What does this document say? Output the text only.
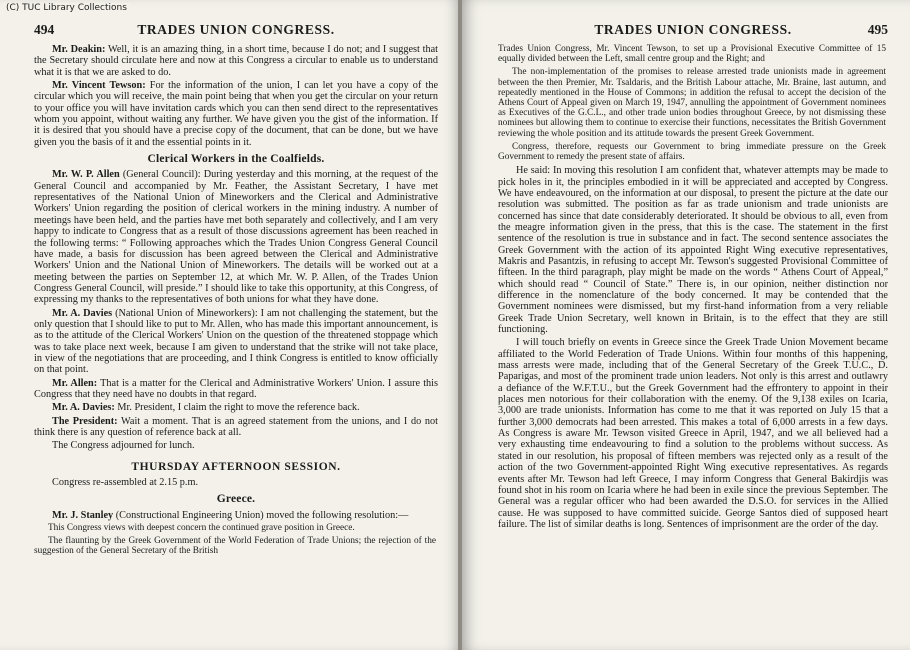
494	TRADES UNION CONGRESS.

Mr. Deakin: Well, it is an amazing thing, in a short time, because I do not; and I suggest that the Secretary should circulate here and now at this Congress a circular to enable us to understand what it is that we are asked to do.

Mr. Vincent Tewson: For the information of the union, I can let you have a copy of the circular which you will receive, the main point being that when you get the circular on your return to your office you will have invitation cards which you can then send direct to the representatives whom you appoint, without waiting any further. We have given you the gist of the information. If it is desired that you should have a precise copy of the document, that can be done, but we have given you the basis of it and the essential points in it.

Clerical Workers in the Coalfields.

Mr. W. P. Allen (General Council): During yesterday and this morning, at the request of the General Council and accompanied by Mr. Feather, the Assistant Secretary, I have met representatives of the National Union of Mineworkers and the Clerical and Administrative Workers' Union regarding the position of clerical workers in the mining industry. A number of meetings have been held, and the parties have met both separately and collectively, and I am very happy to indicate to Congress that as a result of those discussions agreement has been reached in the following terms: “ Following approaches which the Trades Union Congress General Council have made, a basis for discussion has been agreed between the Clerical and Administrative Workers' Union and the National Union of Mineworkers. The details will be worked out at a meeting between the parties on September 12, at which Mr. W. P. Allen, of the Trades Union Congress General Council, will preside.” I should like to take this opportunity, at this Congress, of expressing my thanks to the representatives of both unions for what they have done.

Mr. A. Davies (National Union of Mineworkers): I am not challenging the statement, but the only question that I should like to put to Mr. Allen, who has made this important announcement, is as to the attitude of the Clerical Workers' Union on the question of the threatened stoppage which was to take place next week, because I am given to understand that the strike will not take place, in view of the negotiations that are proceeding, and I think Congress is entitled to know officially on that point.

Mr. Allen: That is a matter for the Clerical and Administrative Workers' Union. I assure this Congress that they need have no doubts in that regard.

Mr. A. Davies: Mr. President, I claim the right to move the reference back.

The President: Wait a moment. That is an agreed statement from the unions, and I do not think there is any question of reference back at all.

The Congress adjourned for lunch.

THURSDAY AFTERNOON SESSION.

Congress re-assembled at 2.15 p.m.

Greece.

Mr. J. Stanley (Constructional Engineering Union) moved the following resolution:—

This Congress views with deepest concern the continued grave position in Greece.

The flaunting by the Greek Government of the World Federation of Trade Unions; the rejection of the suggestion of the General Secretary of the British

TRADES UNION CONGRESS.	495

Trades Union Congress, Mr. Vincent Tewson, to set up a Provisional Executive Committee of 15 equally divided between the Left, small centre group and the Right; and

The non-implementation of the promises to release arrested trade unionists made in agreement between the then Premier, Mr. Tsaldaris, and the British Labour attache, Mr. Braine, last autumn, and repeatedly mentioned in the House of Commons; in addition the refusal to accept the decision of the Athens Court of Appeal given on March 19, 1947, annulling the appointment of Government nominees as Executives of the G.C.L., and other trade union bodies throughout Greece, by not dismissing these nominees but allowing them to continue to exercise their functions, necessitates the British Government reviewing the whole position and its attitude towards the present Greek Government.

Congress, therefore, requests our Government to bring immediate pressure on the Greek Government to remedy the present state of affairs.

He said: In moving this resolution I am confident that, whatever attempts may be made to pick holes in it, the principles embodied in it will be appreciated and accepted by Congress. We have endeavoured, on the information at our disposal, to present the picture at the date our resolution was submitted. The position as far as trade unionism and trade unionists are concerned has since that date considerably deteriorated. It should be obvious to all, even from the meagre information given in the press, that this is the case. The statement in the first sentence of the resolution is true in substance and in fact. The second sentence associates the Greek Government with the action of its appointed Right Wing executive representatives, Makris and Pasantzis, in refusing to accept Mr. Tewson's suggested Provisional Committee of fifteen. In the third paragraph, play might be made on the words “ Athens Court of Appeal,” which should read “ Council of State.” There is, in our opinion, neither distinction nor difference in the nomenclature of the body concerned. It may be contended that the Government nominees were dismissed, but my first-hand information from a very reliable Greek Trade Union Secretary, well known in Britain, is to the effect that they are still functioning.

I will touch briefly on events in Greece since the Greek Trade Union Movement became affiliated to the World Federation of Trade Unions. Within four months of this happening, mass arrests were made, including that of the General Secretary of the Greek T.U.C., D. Paparigas, and most of the prominent trade union leaders. Not only is this arrest and outlawry a defiance of the W.F.T.U., but the Greek Government had the effrontery to appoint in their places men notorious for their collaboration with the enemy. Of the 9,138 exiles on Icaria, 3,000 are trade unionists. Information has come to me that it was reported on July 15 that a further 3,000 democrats had been arrested. This makes a total of 6,000 arrests in a few days. As Congress is aware Mr. Tewson visited Greece in April, 1947, and we all believed had a very exhausting time endeavouring to find a solution to the problems without success. As stated in our resolution, his proposal of fifteen members was rejected only as a result of the action of the two Government-appointed Right Wing executive representatives. As regards events after Mr. Tewson had left Greece, I may inform Congress that General Bakirdjis was found shot in his room on Icaria where he had been in exile since the previous September. The General was a regular officer who had been awarded the D.S.O. for services in the Allied cause. He was supposed to have committed suicide. George Santos died of supposed heart failure. The list of similar deaths is long. Sentences of imprisonment are the order of the day.

(C) TUC Library Collections
